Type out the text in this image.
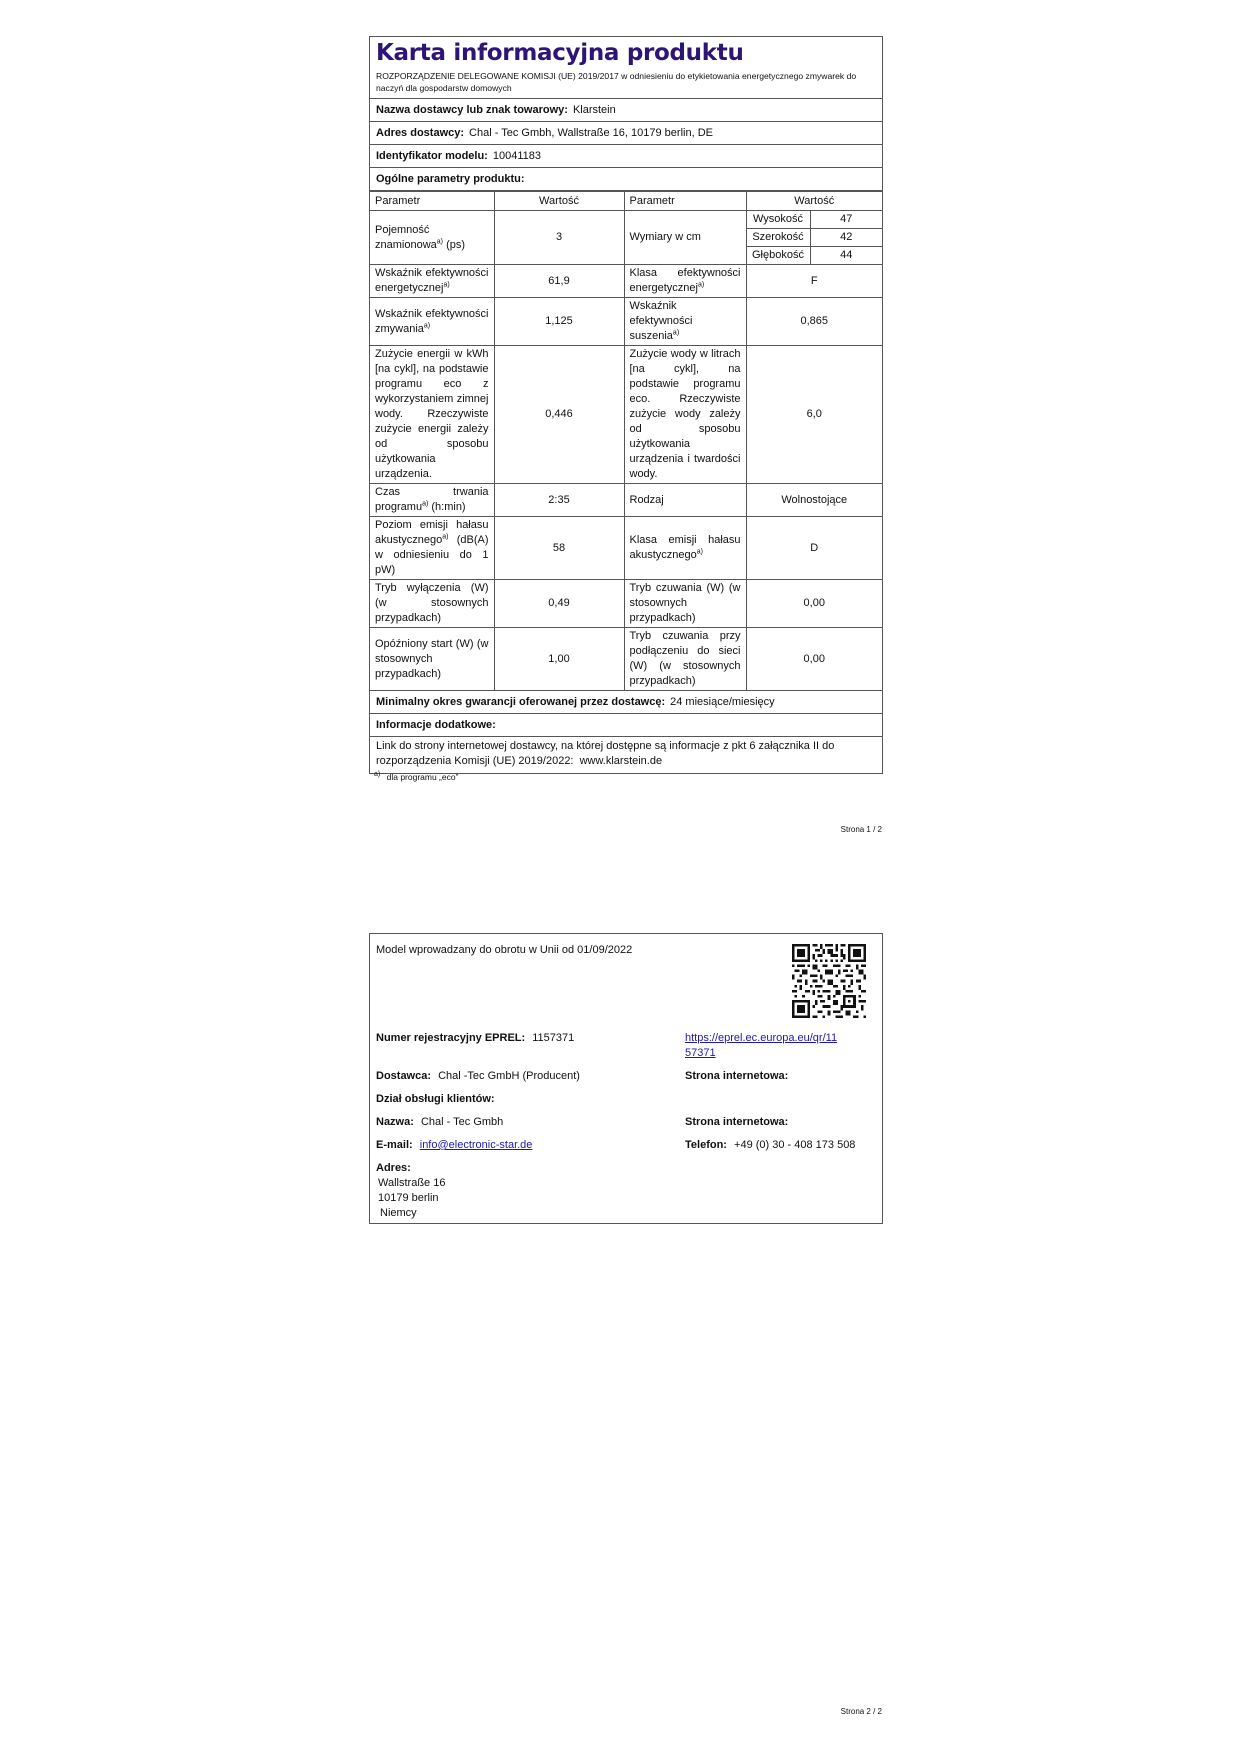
Karta informacyjna produktu
ROZPORZĄDZENIE DELEGOWANE KOMISJI (UE) 2019/2017 w odniesieniu do etykietowania energetycznego zmywarek do naczyń dla gospodarstw domowych
Nazwa dostawcy lub znak towarowy: Klarstein
Adres dostawcy: Chal - Tec Gmbh, Wallstraße 16, 10179 berlin, DE
Identyfikator modelu: 10041183
Ogólne parametry produktu:
Parametr	Wartość	Parametr	Wartość	
Pojemność znamionowa$^{a)}$ (ps)	3	Wymiary w cm	Wysokość	47
			Szerokość	42
			Głębokość	44
Wskaźnik efektywności energetycznej$^{a)}$	61,9	Klasa efektywności energetycznej$^{a)}$	F	
Wskaźnik efektywności zmywania$^{a)}$	1,125	Wskaźnik efektywności suszenia$^{a)}$	0,865	
Zużycie energii w kWh [na cykl], na podstawie programu eco z wykorzystaniem zimnej wody. Rzeczywiste zużycie energii zależy od sposobu użytkowania urządzenia.	0,446	Zużycie wody w litrach [na cykl], na podstawie programu eco. Rzeczywiste zużycie wody zależy od sposobu użytkowania urządzenia i twardości wody.	6,0	
Czas trwania programu$^{a)}$ (h:min)	2:35	Rodzaj	Wolnostojące	
Poziom emisji hałasu akustycznego$^{a)}$ (dB(A) w odniesieniu do 1 pW)	58	Klasa emisji hałasu akustycznego$^{a)}$	D	
Tryb wyłączenia (W) (w stosownych przypadkach)	0,49	Tryb czuwania (W) (w stosownych przypadkach)	0,00	
Opóźniony start (W) (w stosownych przypadkach)	1,00	Tryb czuwania przy podłączeniu do sieci (W) (w stosownych przypadkach)	0,00	
Minimalny okres gwarancji oferowanej przez dostawcę: 24 miesiące/miesięcy
Informacje dodatkowe:
Link do strony internetowej dostawcy, na której dostępne są informacje z pkt 6 załącznika II do rozporządzenia Komisji (UE) 2019/2022: www.klarstein.de
$^{a)}$ dla programu „eco”
Strona 1 / 2
Model wprowadzany do obrotu w Unii od 01/09/2022
Numer rejestracyjny EPREL: 1157371	https://eprel.ec.europa.eu/qr/11
57371
Dostawca: Chal -Tec GmbH (Producent)	Strona internetowa:
Dział obsługi klientów:
Nazwa: Chal - Tec Gmbh	Strona internetowa:
E-mail: info@electronic-star.de	Telefon: +49 (0) 30 - 408 173 508
Adres:
Wallstraße 16
10179 berlin
Niemcy
Strona 2 / 2
